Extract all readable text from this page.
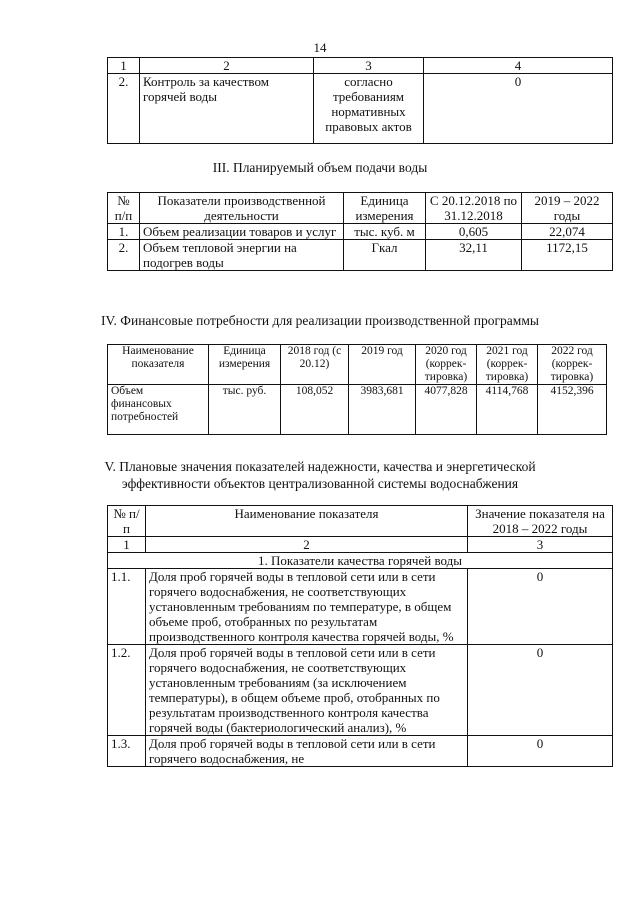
14
1	2	3	4
2.	Контроль за качеством горячей воды	согласно требованиям нормативных правовых актов	0
III. Планируемый объем подачи воды
№ п/п	Показатели производственной деятельности	Единица измерения	С 20.12.2018 по 31.12.2018	2019 – 2022 годы
1.	Объем реализации товаров и услуг	тыс. куб. м	0,605	22,074
2.	Объем тепловой энергии на подогрев воды	Гкал	32,11	1172,15
IV. Финансовые потребности для реализации производственной программы
Наименование показателя	Единица измерения	2018 год (с 20.12)	2019 год	2020 год (коррек-тировка)	2021 год (коррек-тировка)	2022 год (коррек-тировка)
Объем финансовых потребностей	тыс. руб.	108,052	3983,681	4077,828	4114,768	4152,396
V. Плановые значения показателей надежности, качества и энергетической
эффективности объектов централизованной системы водоснабжения
№ п/п	Наименование показателя	Значение показателя на 2018 – 2022 годы
1	2	3
1. Показатели качества горячей воды		
1.1.	Доля проб горячей воды в тепловой сети или в сети горячего водоснабжения, не соответствующих установленным требованиям по температуре, в общем объеме проб, отобранных по результатам производственного контроля качества горячей воды, %	0
1.2.	Доля проб горячей воды в тепловой сети или в сети горячего водоснабжения, не соответствующих установленным требованиям (за исключением температуры), в общем объеме проб, отобранных по результатам производственного контроля качества горячей воды (бактериологический анализ), %	0
1.3.	Доля проб горячей воды в тепловой сети или в сети горячего водоснабжения, не	0
